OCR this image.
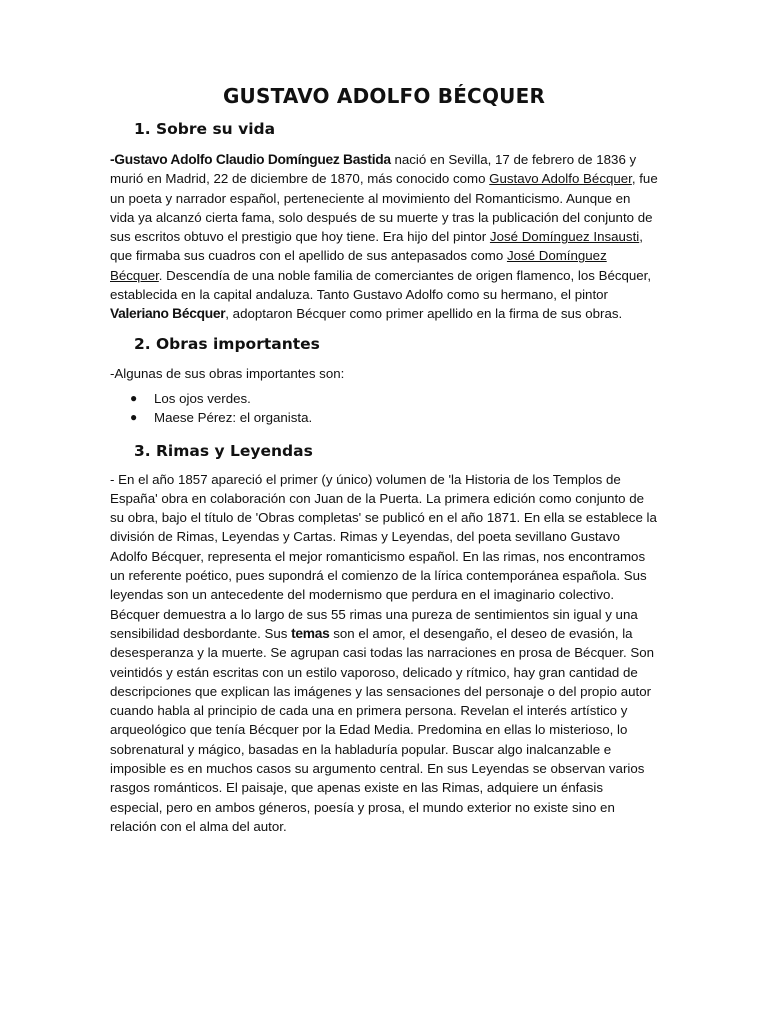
GUSTAVO ADOLFO BÉCQUER
1. Sobre su vida

-Gustavo Adolfo Claudio Domínguez Bastida nació en Sevilla, 17 de febrero de 1836 y murió en Madrid, 22 de diciembre de 1870, más conocido como Gustavo Adolfo Bécquer, fue un poeta y narrador español, perteneciente al movimiento del Romanticismo. Aunque en vida ya alcanzó cierta fama, solo después de su muerte y tras la publicación del conjunto de sus escritos obtuvo el prestigio que hoy tiene. Era hijo del pintor José Domínguez Insausti, que firmaba sus cuadros con el apellido de sus antepasados como José Domínguez Bécquer. Descendía de una noble familia de comerciantes de origen flamenco, los Bécquer, establecida en la capital andaluza. Tanto Gustavo Adolfo como su hermano, el pintor Valeriano Bécquer, adoptaron Bécquer como primer apellido en la firma de sus obras.

2. Obras importantes

-Algunas de sus obras importantes son:

●	Los ojos verdes.
●	Maese Pérez: el organista.
3. Rimas y Leyendas

- En el año 1857 apareció el primer (y único) volumen de 'la Historia de los Templos de España' obra en colaboración con Juan de la Puerta. La primera edición como conjunto de su obra, bajo el título de 'Obras completas' se publicó en el año 1871. En ella se establece la división de Rimas, Leyendas y Cartas. Rimas y Leyendas, del poeta sevillano Gustavo Adolfo Bécquer, representa el mejor romanticismo español. En las rimas, nos encontramos un referente poético, pues supondrá el comienzo de la lírica contemporánea española. Sus leyendas son un antecedente del modernismo que perdura en el imaginario colectivo. Bécquer demuestra a lo largo de sus 55 rimas una pureza de sentimientos sin igual y una sensibilidad desbordante. Sus temas son el amor, el desengaño, el deseo de evasión, la desesperanza y la muerte. Se agrupan casi todas las narraciones en prosa de Bécquer. Son veintidós y están escritas con un estilo vaporoso, delicado y rítmico, hay gran cantidad de descripciones que explican las imágenes y las sensaciones del personaje o del propio autor cuando habla al principio de cada una en primera persona. Revelan el interés artístico y arqueológico que tenía Bécquer por la Edad Media. Predomina en ellas lo misterioso, lo sobrenatural y mágico, basadas en la habladuría popular. Buscar algo inalcanzable e imposible es en muchos casos su argumento central. En sus Leyendas se observan varios rasgos románticos. El paisaje, que apenas existe en las Rimas, adquiere un énfasis especial, pero en ambos géneros, poesía y prosa, el mundo exterior no existe sino en relación con el alma del autor.
